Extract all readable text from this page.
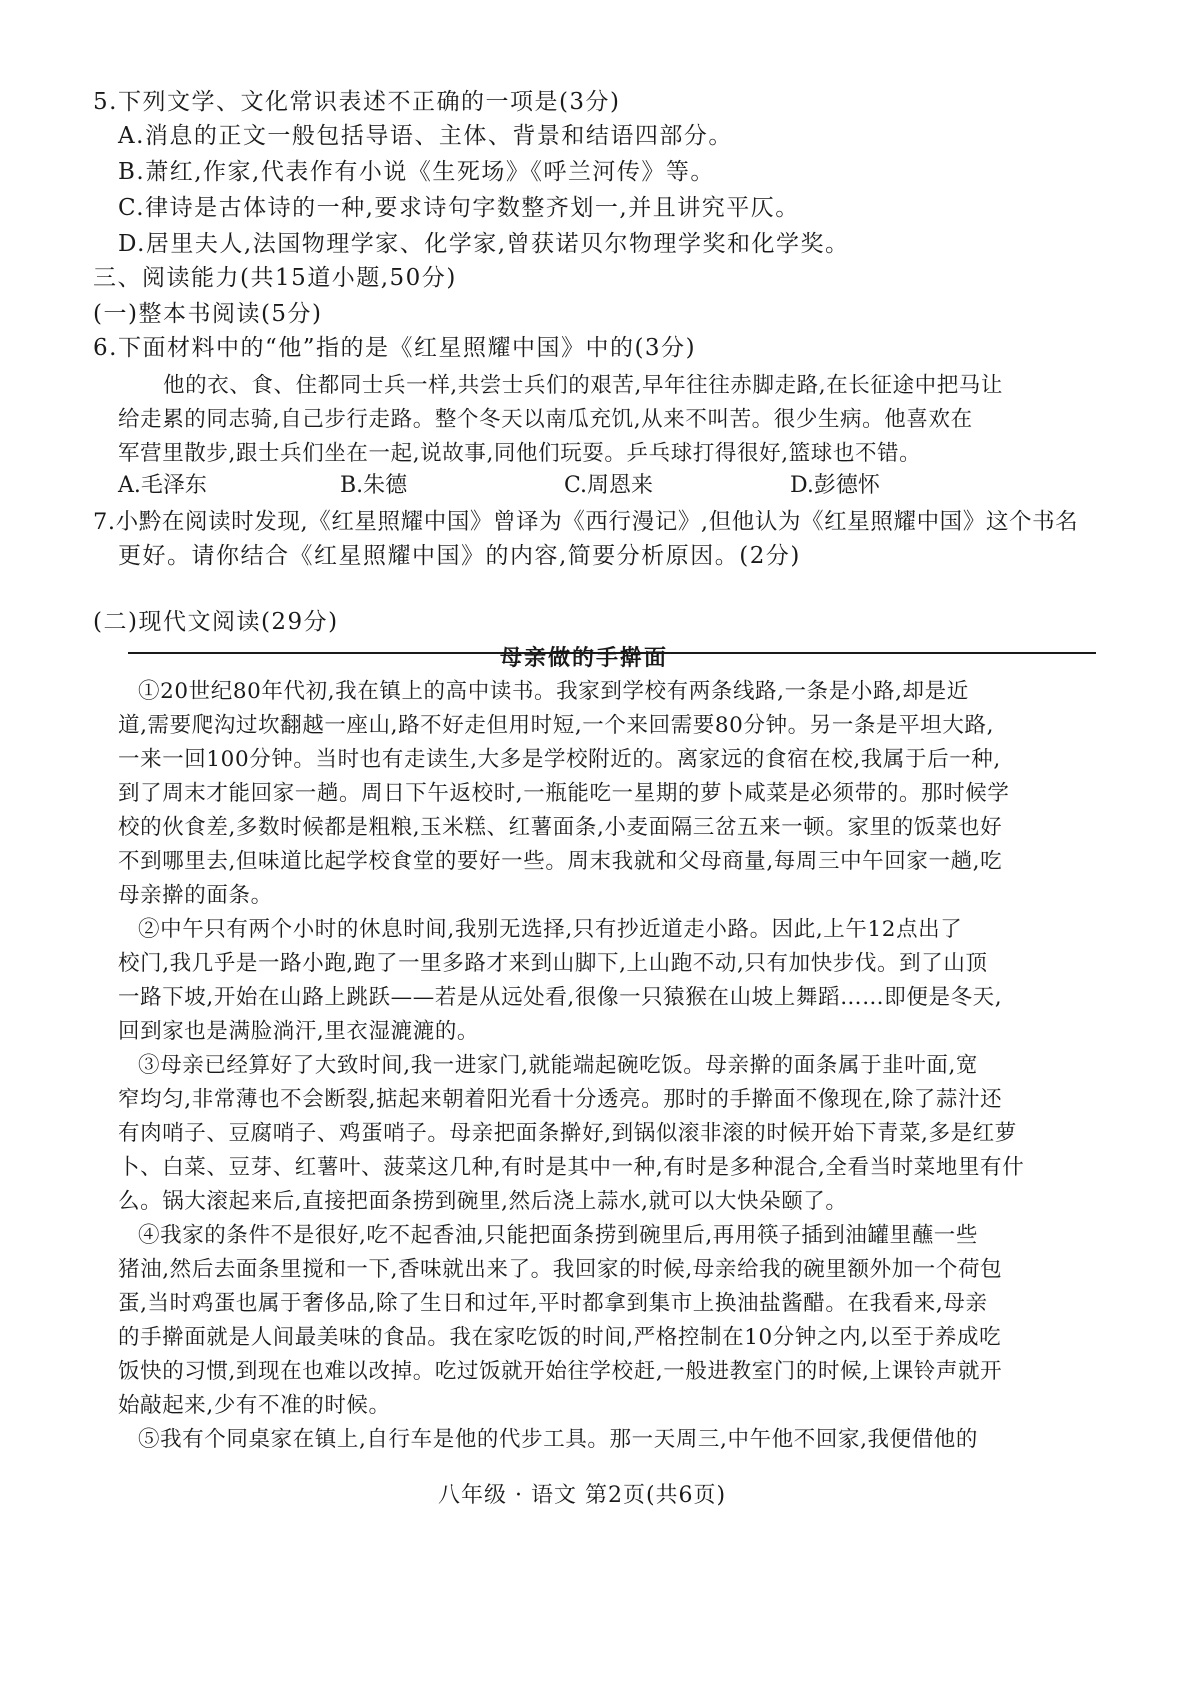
5.下列文学、文化常识表述不正确的一项是(3分)
A.消息的正文一般包括导语、主体、背景和结语四部分。
B.萧红,作家,代表作有小说《生死场》《呼兰河传》等。
C.律诗是古体诗的一种,要求诗句字数整齐划一,并且讲究平仄。
D.居里夫人,法国物理学家、化学家,曾获诺贝尔物理学奖和化学奖。
三、阅读能力(共15道小题,50分)
(一)整本书阅读(5分)
6.下面材料中的“他”指的是《红星照耀中国》中的(3分)
他的衣、食、住都同士兵一样,共尝士兵们的艰苦,早年往往赤脚走路,在长征途中把马让
给走累的同志骑,自己步行走路。整个冬天以南瓜充饥,从来不叫苦。很少生病。他喜欢在
军营里散步,跟士兵们坐在一起,说故事,同他们玩耍。乒乓球打得很好,篮球也不错。
A.毛泽东	B.朱德	C.周恩来	D.彭德怀
7.小黔在阅读时发现,《红星照耀中国》曾译为《西行漫记》,但他认为《红星照耀中国》这个书名
更好。请你结合《红星照耀中国》的内容,简要分析原因。(2分)
(二)现代文阅读(29分)
母亲做的手擀面
①20世纪80年代初,我在镇上的高中读书。我家到学校有两条线路,一条是小路,却是近
道,需要爬沟过坎翻越一座山,路不好走但用时短,一个来回需要80分钟。另一条是平坦大路,
一来一回100分钟。当时也有走读生,大多是学校附近的。离家远的食宿在校,我属于后一种,
到了周末才能回家一趟。周日下午返校时,一瓶能吃一星期的萝卜咸菜是必须带的。那时候学
校的伙食差,多数时候都是粗粮,玉米糕、红薯面条,小麦面隔三岔五来一顿。家里的饭菜也好
不到哪里去,但味道比起学校食堂的要好一些。周末我就和父母商量,每周三中午回家一趟,吃
母亲擀的面条。
②中午只有两个小时的休息时间,我别无选择,只有抄近道走小路。因此,上午12点出了
校门,我几乎是一路小跑,跑了一里多路才来到山脚下,上山跑不动,只有加快步伐。到了山顶
一路下坡,开始在山路上跳跃——若是从远处看,很像一只猿猴在山坡上舞蹈……即便是冬天,
回到家也是满脸淌汗,里衣湿漉漉的。
③母亲已经算好了大致时间,我一进家门,就能端起碗吃饭。母亲擀的面条属于韭叶面,宽
窄均匀,非常薄也不会断裂,掂起来朝着阳光看十分透亮。那时的手擀面不像现在,除了蒜汁还
有肉哨子、豆腐哨子、鸡蛋哨子。母亲把面条擀好,到锅似滚非滚的时候开始下青菜,多是红萝
卜、白菜、豆芽、红薯叶、菠菜这几种,有时是其中一种,有时是多种混合,全看当时菜地里有什
么。锅大滚起来后,直接把面条捞到碗里,然后浇上蒜水,就可以大快朵颐了。
④我家的条件不是很好,吃不起香油,只能把面条捞到碗里后,再用筷子插到油罐里蘸一些
猪油,然后去面条里搅和一下,香味就出来了。我回家的时候,母亲给我的碗里额外加一个荷包
蛋,当时鸡蛋也属于奢侈品,除了生日和过年,平时都拿到集市上换油盐酱醋。在我看来,母亲
的手擀面就是人间最美味的食品。我在家吃饭的时间,严格控制在10分钟之内,以至于养成吃
饭快的习惯,到现在也难以改掉。吃过饭就开始往学校赶,一般进教室门的时候,上课铃声就开
始敲起来,少有不准的时候。
⑤我有个同桌家在镇上,自行车是他的代步工具。那一天周三,中午他不回家,我便借他的
八年级 · 语文 第2页(共6页)
